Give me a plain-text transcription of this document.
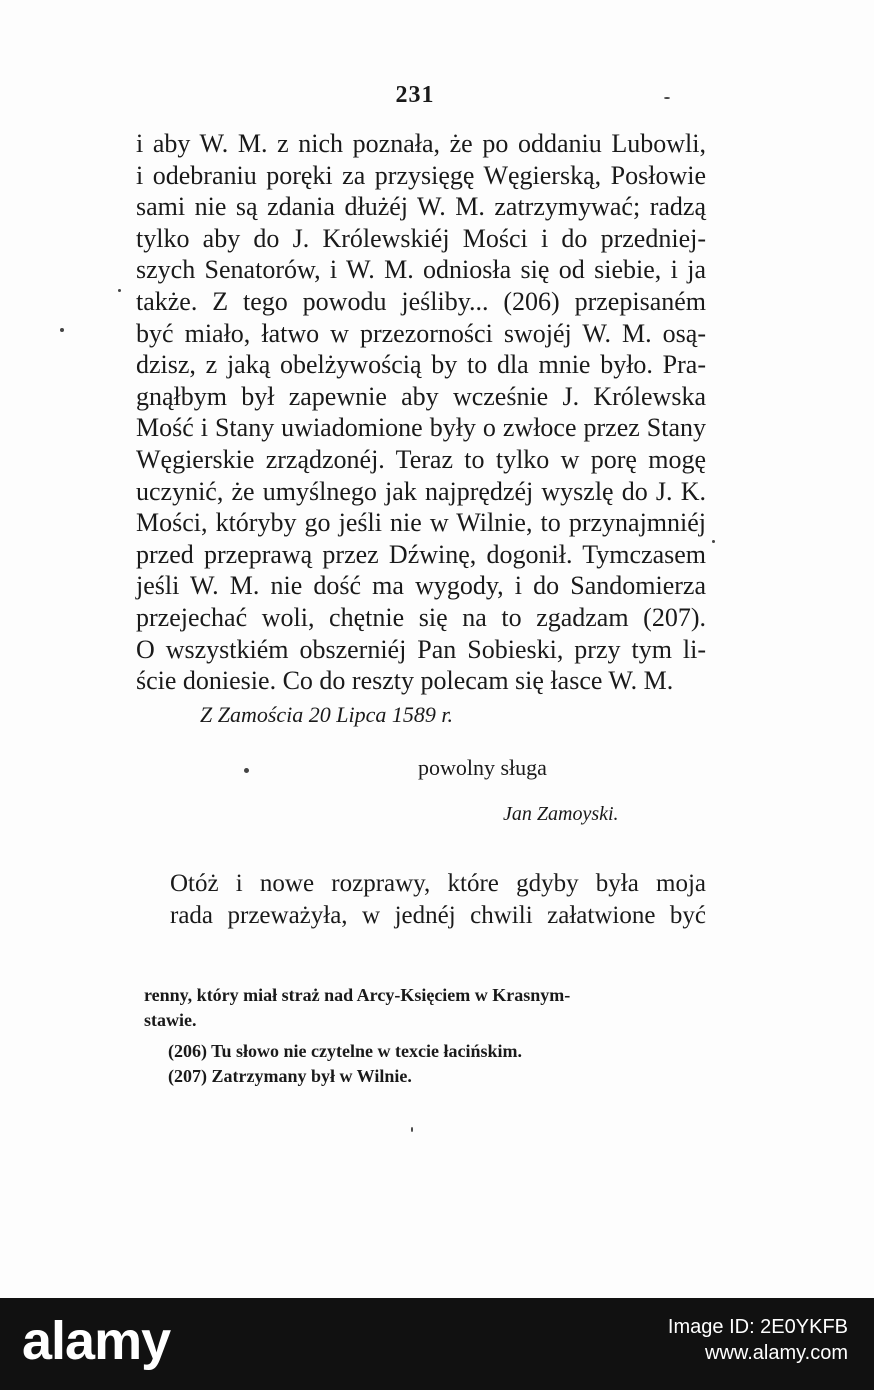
231
i aby W. M. z nich poznała, że po oddaniu Lubowli,
i odebraniu poręki za przysięgę Węgierską, Posłowie
sami nie są zdania dłużéj W. M. zatrzymywać; radzą
tylko aby do J. Królewskiéj Mości i do przedniej-
szych Senatorów, i W. M. odniosła się od siebie, i ja
także. Z tego powodu jeśliby... (206) przepisaném
być miało, łatwo w przezorności swojéj W. M. osą-
dzisz, z jaką obelżywością by to dla mnie było. Pra-
gnąłbym był zapewnie aby wcześnie J. Królewska
Mość i Stany uwiadomione były o zwłoce przez Stany
Węgierskie zrządzonéj. Teraz to tylko w porę mogę
uczynić, że umyślnego jak najprędzéj wyszlę do J. K.
Mości, któryby go jeśli nie w Wilnie, to przynajmniéj
przed przeprawą przez Dźwinę, dogonił. Tymczasem
jeśli W. M. nie dość ma wygody, i do Sandomierza
przejechać woli, chętnie się na to zgadzam (207).
O wszystkiém obszerniéj Pan Sobieski, przy tym li-
ście doniesie. Co do reszty polecam się łasce W. M.
Z Zamościa 20 Lipca 1589 r.
powolny sługa
Jan Zamoyski.
Otóż i nowe rozprawy, które gdyby była moja
rada przeważyła, w jednéj chwili załatwione być
renny, który miał straż nad Arcy-Księciem w Krasnym-
stawie.
(206) Tu słowo nie czytelne w texcie łacińskim.
(207) Zatrzymany był w Wilnie.
alamy	Image ID: 2E0YKFB
www.alamy.com
